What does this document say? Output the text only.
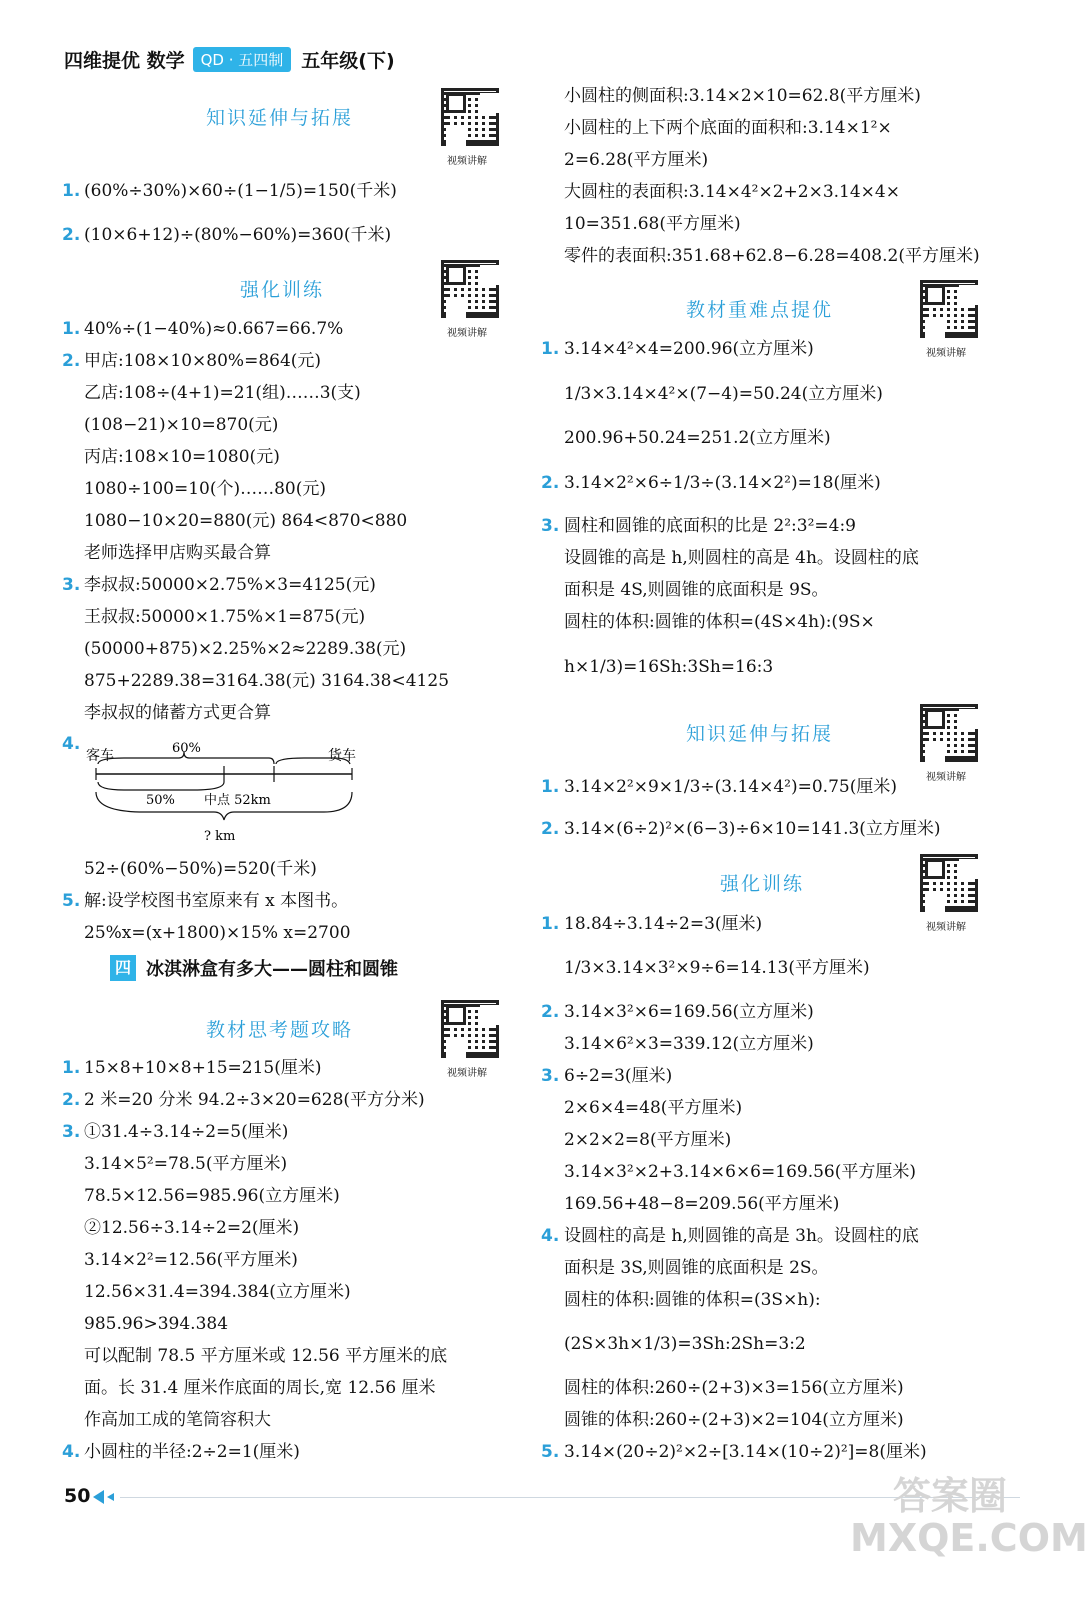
四维提优 数学	QD · 五四制 五年级(下)
知识延伸与拓展
1. (60%÷30%)×60÷(1−1/5)=150(千米)
2. (10×6+12)÷(80%−60%)=360(千米)
强化训练
1. 40%÷(1−40%)≈0.667=66.7%
2. 甲店:108×10×80%=864(元)
乙店:108÷(4+1)=21(组)……3(支)
(108−21)×10=870(元)
丙店:108×10=1080(元)
1080÷100=10(个)……80(元)
1080−10×20=880(元) 864<870<880
老师选择甲店购买最合算
3. 李叔叔:50000×2.75%×3=4125(元)
王叔叔:50000×1.75%×1=875(元)
(50000+875)×2.25%×2≈2289.38(元)
875+2289.38=3164.38(元) 3164.38<4125
李叔叔的储蓄方式更合算
4.
52÷(60%−50%)=520(千米)
5. 解:设学校图书室原来有 x 本图书。
25%x=(x+1800)×15% x=2700
教材思考题攻略
1. 15×8+10×8+15=215(厘米)
2. 2 米=20 分米 94.2÷3×20=628(平方分米)
3. ①31.4÷3.14÷2=5(厘米)
3.14×5²=78.5(平方厘米)
78.5×12.56=985.96(立方厘米)
②12.56÷3.14÷2=2(厘米)
3.14×2²=12.56(平方厘米)
12.56×31.4=394.384(立方厘米)
985.96>394.384
可以配制 78.5 平方厘米或 12.56 平方厘米的底
面。长 31.4 厘米作底面的周长,宽 12.56 厘米
作高加工成的笔筒容积大
4. 小圆柱的半径:2÷2=1(厘米)
视频讲解
视频讲解
视频讲解
小圆柱的侧面积:3.14×2×10=62.8(平方厘米)
小圆柱的上下两个底面的面积和:3.14×1²×
2=6.28(平方厘米)
大圆柱的表面积:3.14×4²×2+2×3.14×4×
10=351.68(平方厘米)
零件的表面积:351.68+62.8−6.28=408.2(平方厘米)
教材重难点提优
1. 3.14×4²×4=200.96(立方厘米)
1/3×3.14×4²×(7−4)=50.24(立方厘米)
200.96+50.24=251.2(立方厘米)
2. 3.14×2²×6÷1/3÷(3.14×2²)=18(厘米)
3. 圆柱和圆锥的底面积的比是 2²:3²=4:9
设圆锥的高是 h,则圆柱的高是 4h。设圆柱的底
面积是 4S,则圆锥的底面积是 9S。
圆柱的体积:圆锥的体积=(4S×4h):(9S×
h×1/3)=16Sh:3Sh=16:3
知识延伸与拓展
1. 3.14×2²×9×1/3÷(3.14×4²)=0.75(厘米)
2. 3.14×(6÷2)²×(6−3)÷6×10=141.3(立方厘米)
强化训练
1. 18.84÷3.14÷2=3(厘米)
1/3×3.14×3²×9÷6=14.13(平方厘米)
2. 3.14×3²×6=169.56(立方厘米)
3.14×6²×3=339.12(立方厘米)
3. 6÷2=3(厘米)
2×6×4=48(平方厘米)
2×2×2=8(平方厘米)
3.14×3²×2+3.14×6×6=169.56(平方厘米)
169.56+48−8=209.56(平方厘米)
4. 设圆柱的高是 h,则圆锥的高是 3h。设圆柱的底
面积是 3S,则圆锥的底面积是 2S。
圆柱的体积:圆锥的体积=(3S×h):
(2S×3h×1/3)=3Sh:2Sh=3:2
圆柱的体积:260÷(2+3)×3=156(立方厘米)
圆锥的体积:260÷(2+3)×2=104(立方厘米)
5. 3.14×(20÷2)²×2÷[3.14×(10÷2)²]=8(厘米)
视频讲解
视频讲解
视频讲解
四 冰淇淋盒有多大——圆柱和圆锥
客车	60%	货车
50% 中点 52km
? km
50	答案圈
MXQE.COM
